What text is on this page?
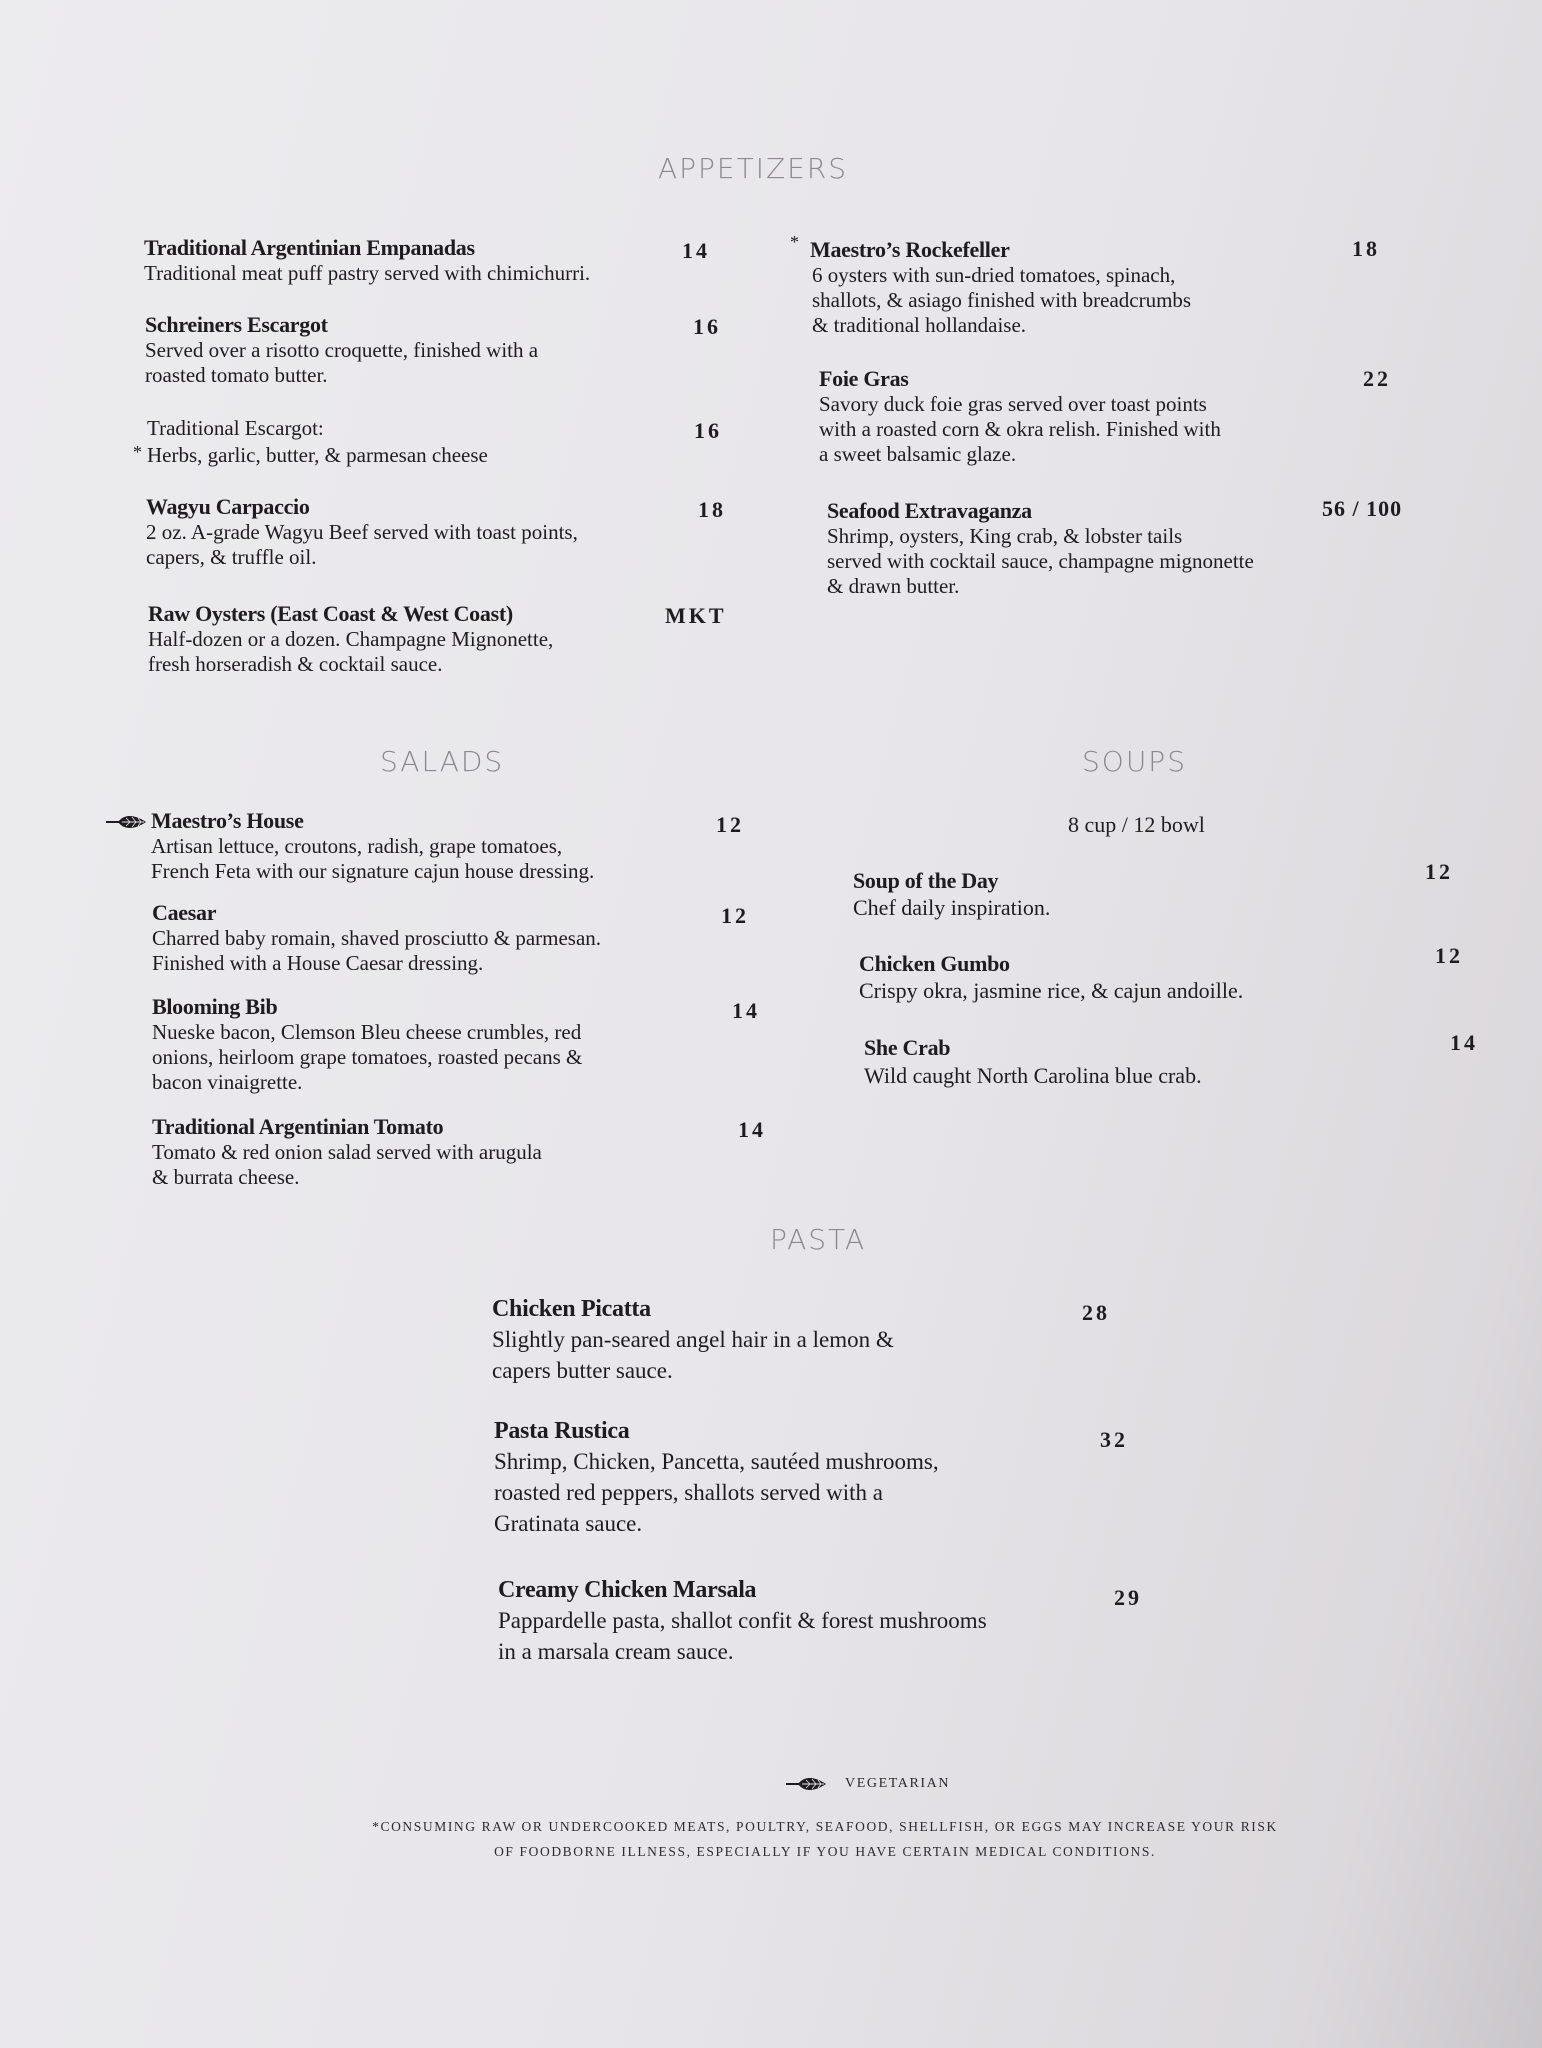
APPETIZERS
Traditional Argentinian Empanadas
Traditional meat puff pastry served with chimichurri.
14
Schreiners Escargot
Served over a risotto croquette, finished with a
roasted tomato butter.
16
Traditional Escargot:
Herbs, garlic, butter, & parmesan cheese
*
16
Wagyu Carpaccio
2 oz. A-grade Wagyu Beef served with toast points,
capers, & truffle oil.
18
Raw Oysters (East Coast & West Coast)
Half-dozen or a dozen. Champagne Mignonette,
fresh horseradish & cocktail sauce.
MKT
* Maestro’s Rockefeller
6 oysters with sun-dried tomatoes, spinach,
shallots, & asiago finished with breadcrumbs
& traditional hollandaise.
18
Foie Gras
Savory duck foie gras served over toast points
with a roasted corn & okra relish. Finished with
a sweet balsamic glaze.
22
Seafood Extravaganza
Shrimp, oysters, King crab, & lobster tails
served with cocktail sauce, champagne mignonette
& drawn butter.
56 / 100
SALADS
Maestro’s House
Artisan lettuce, croutons, radish, grape tomatoes,
French Feta with our signature cajun house dressing.
12
Caesar
Charred baby romain, shaved prosciutto & parmesan.
Finished with a House Caesar dressing.
12
Blooming Bib
Nueske bacon, Clemson Bleu cheese crumbles, red
onions, heirloom grape tomatoes, roasted pecans &
bacon vinaigrette.
14
Traditional Argentinian Tomato
Tomato & red onion salad served with arugula
& burrata cheese.
14
SOUPS
8 cup / 12 bowl
Soup of the Day
Chef daily inspiration.
12
Chicken Gumbo
Crispy okra, jasmine rice, & cajun andoille.
12
She Crab
Wild caught North Carolina blue crab.
14
PASTA
Chicken Picatta
Slightly pan-seared angel hair in a lemon &
capers butter sauce.
28
Pasta Rustica
Shrimp, Chicken, Pancetta, sautéed mushrooms,
roasted red peppers, shallots served with a
Gratinata sauce.
32
Creamy Chicken Marsala
Pappardelle pasta, shallot confit & forest mushrooms
in a marsala cream sauce.
29
VEGETARIAN
*CONSUMING RAW OR UNDERCOOKED MEATS, POULTRY, SEAFOOD, SHELLFISH, OR EGGS MAY INCREASE YOUR RISK
OF FOODBORNE ILLNESS, ESPECIALLY IF YOU HAVE CERTAIN MEDICAL CONDITIONS.
